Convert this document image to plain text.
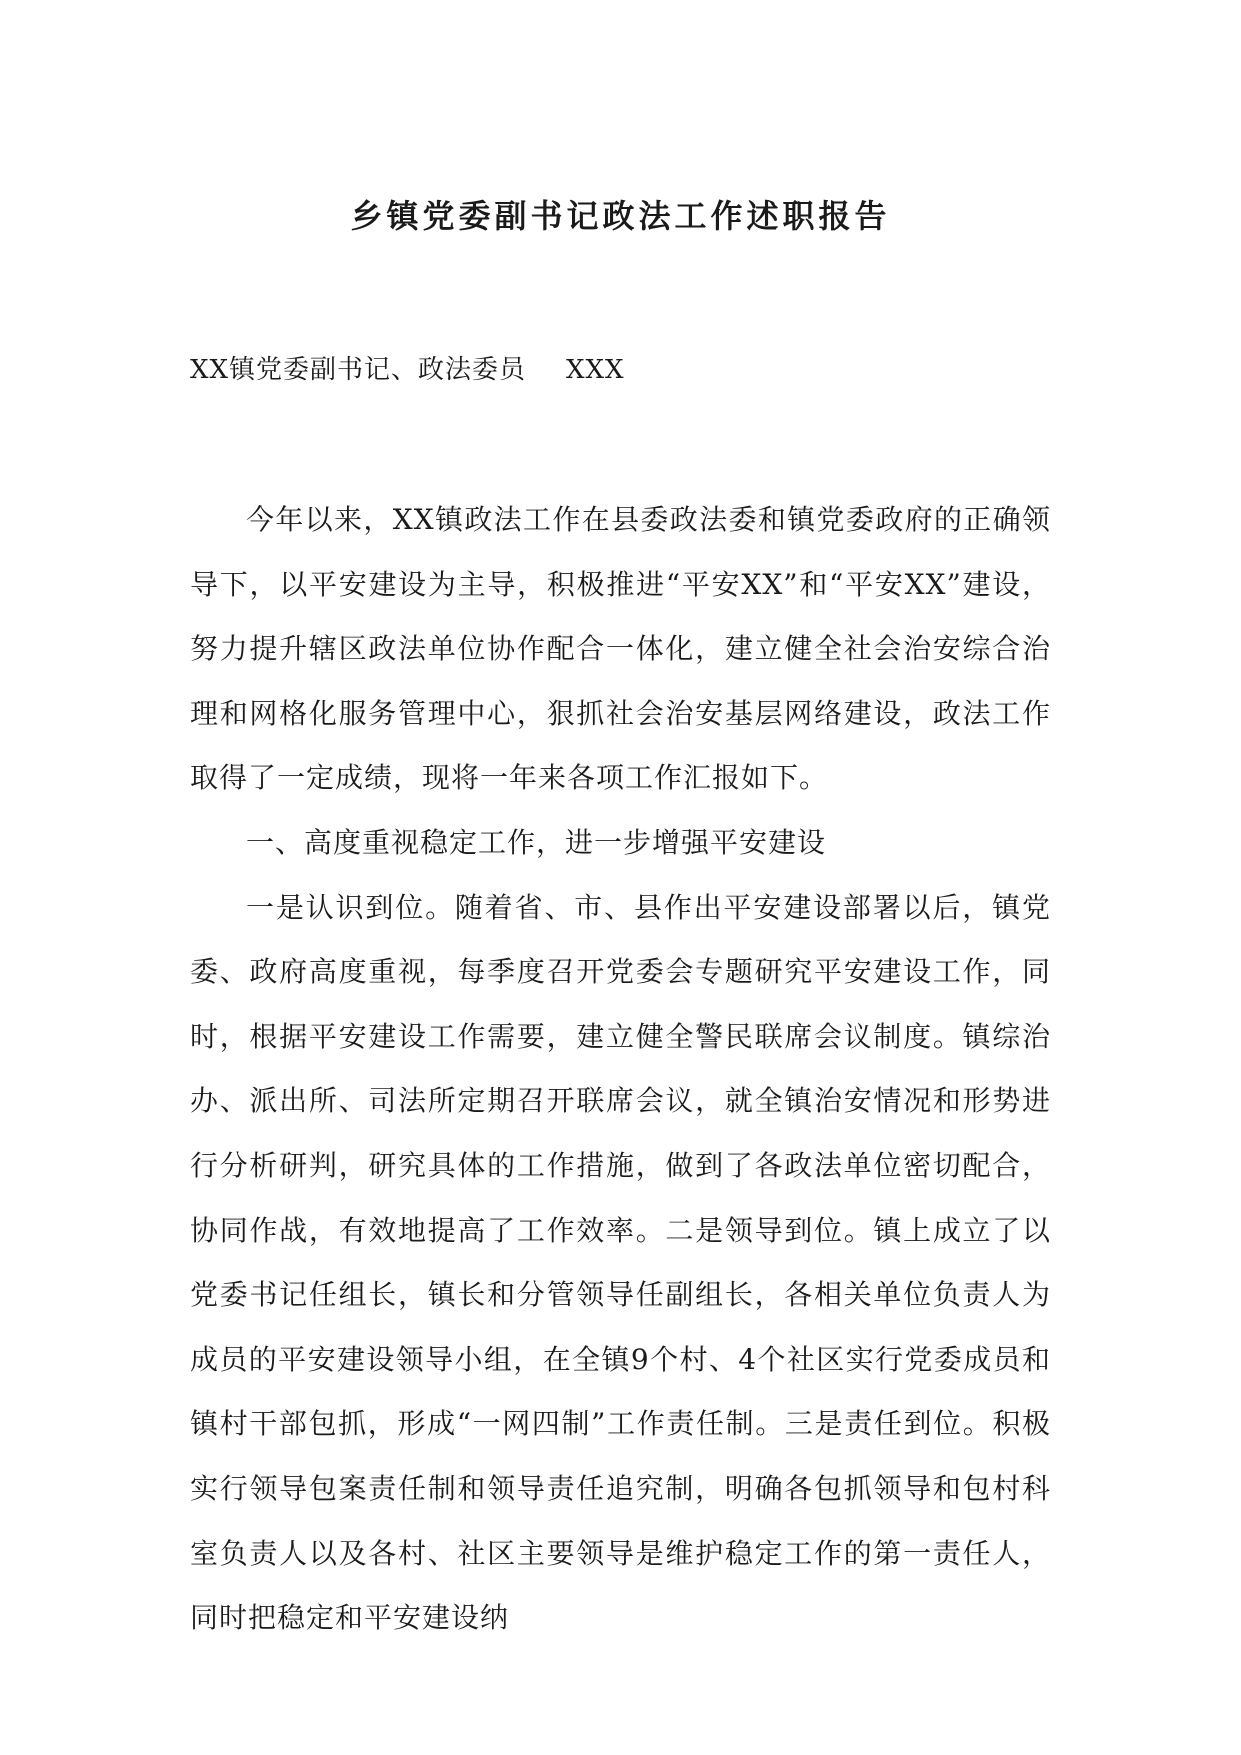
乡镇党委副书记政法工作述职报告
XX镇党委副书记、政法委员 XXX

今年以来，XX镇政法工作在县委政法委和镇党委政府的正确领导下，以平安建设为主导，积极推进“平安XX”和“平安XX”建设，努力提升辖区政法单位协作配合一体化，建立健全社会治安综合治理和网格化服务管理中心，狠抓社会治安基层网络建设，政法工作取得了一定成绩，现将一年来各项工作汇报如下。

一、高度重视稳定工作，进一步增强平安建设

一是认识到位。随着省、市、县作出平安建设部署以后，镇党委、政府高度重视，每季度召开党委会专题研究平安建设工作，同时，根据平安建设工作需要，建立健全警民联席会议制度。镇综治办、派出所、司法所定期召开联席会议，就全镇治安情况和形势进行分析研判，研究具体的工作措施，做到了各政法单位密切配合，协同作战，有效地提高了工作效率。二是领导到位。镇上成立了以党委书记任组长，镇长和分管领导任副组长，各相关单位负责人为成员的平安建设领导小组，在全镇9个村、4个社区实行党委成员和镇村干部包抓，形成“一网四制”工作责任制。三是责任到位。积极实行领导包案责任制和领导责任追究制，明确各包抓领导和包村科室负责人以及各村、社区主要领导是维护稳定工作的第一责任人，同时把稳定和平安建设纳
